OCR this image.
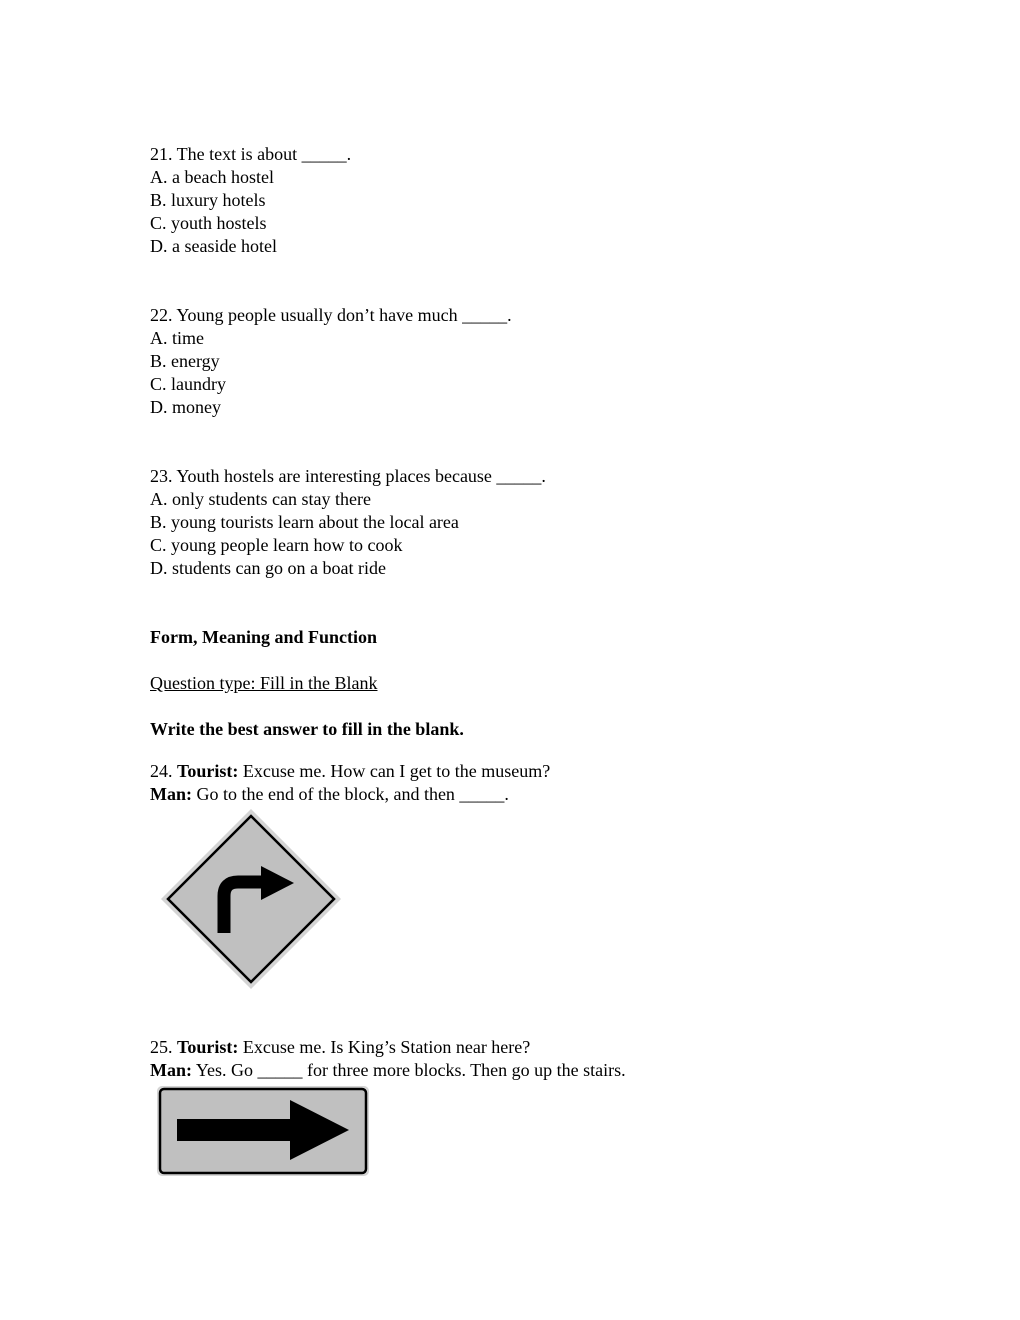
21. The text is about _____.
A. a beach hostel
B. luxury hotels
C. youth hostels
D. a seaside hotel
22. Young people usually don’t have much _____.
A. time
B. energy
C. laundry
D. money
23. Youth hostels are interesting places because _____.
A. only students can stay there
B. young tourists learn about the local area
C. young people learn how to cook
D. students can go on a boat ride
Form, Meaning and Function
Question type: Fill in the Blank
Write the best answer to fill in the blank.
24. Tourist: Excuse me. How can I get to the museum?
Man: Go to the end of the block, and then _____.
25. Tourist: Excuse me. Is King’s Station near here?
Man: Yes. Go _____ for three more blocks. Then go up the stairs.
